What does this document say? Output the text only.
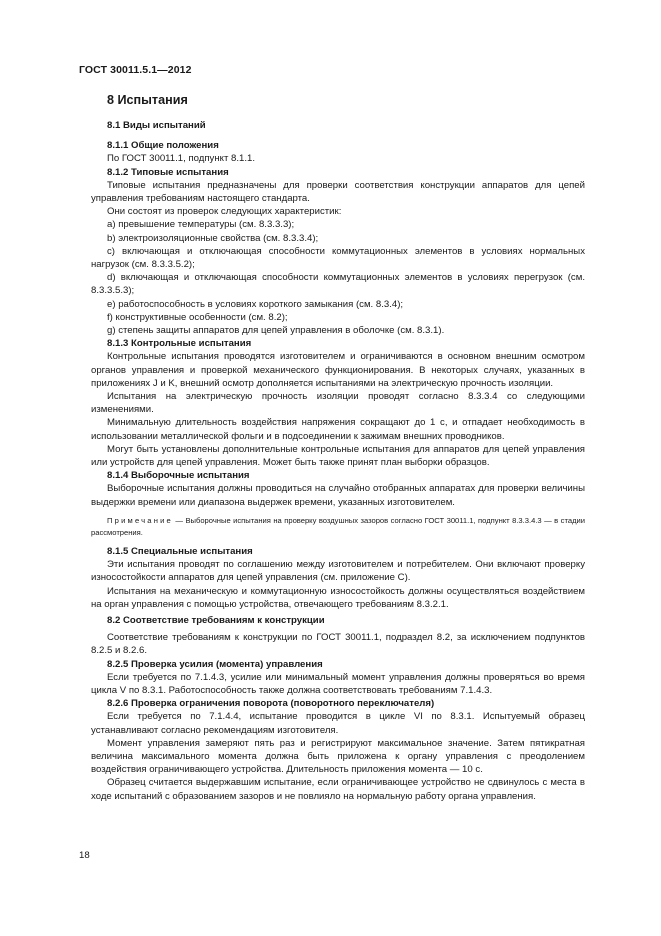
ГОСТ 30011.5.1—2012
8 Испытания
8.1 Виды испытаний
8.1.1 Общие положения

По ГОСТ 30011.1, подпункт 8.1.1.

8.1.2 Типовые испытания

Типовые испытания предназначены для проверки соответствия конструкции аппаратов для цепей управления требованиям настоящего стандарта.

Они состоят из проверок следующих характеристик:

a) превышение температуры (см. 8.3.3.3);

b) электроизоляционные свойства (см. 8.3.3.4);

c) включающая и отключающая способности коммутационных элементов в условиях нормальных нагрузок (см. 8.3.3.5.2);

d) включающая и отключающая способности коммутационных элементов в условиях перегрузок (см. 8.3.3.5.3);

e) работоспособность в условиях короткого замыкания (см. 8.3.4);

f) конструктивные особенности (см. 8.2);

g) степень защиты аппаратов для цепей управления в оболочке (см. 8.3.1).

8.1.3 Контрольные испытания

Контрольные испытания проводятся изготовителем и ограничиваются в основном внешним осмотром органов управления и проверкой механического функционирования. В некоторых случаях, указанных в приложениях J и K, внешний осмотр дополняется испытаниями на электрическую прочность изоляции.

Испытания на электрическую прочность изоляции проводят согласно 8.3.3.4 со следующими изменениями.

Минимальную длительность воздействия напряжения сокращают до 1 с, и отпадает необходимость в использовании металлической фольги и в подсоединении к зажимам внешних проводников.

Могут быть установлены дополнительные контрольные испытания для аппаратов для цепей управления или устройств для цепей управления. Может быть также принят план выборки образцов.

8.1.4 Выборочные испытания

Выборочные испытания должны проводиться на случайно отобранных аппаратах для проверки величины выдержки времени или диапазона выдержек времени, указанных изготовителем.

Примечание — Выборочные испытания на проверку воздушных зазоров согласно ГОСТ 30011.1, подпункт 8.3.3.4.3 — в стадии рассмотрения.

8.1.5 Специальные испытания

Эти испытания проводят по соглашению между изготовителем и потребителем. Они включают проверку износостойкости аппаратов для цепей управления (см. приложение C).

Испытания на механическую и коммутационную износостойкость должны осуществляться воздействием на орган управления с помощью устройства, отвечающего требованиям 8.3.2.1.

8.2 Соответствие требованиям к конструкции

Соответствие требованиям к конструкции по ГОСТ 30011.1, подраздел 8.2, за исключением подпунктов 8.2.5 и 8.2.6.

8.2.5 Проверка усилия (момента) управления

Если требуется по 7.1.4.3, усилие или минимальный момент управления должны проверяться во время цикла V по 8.3.1. Работоспособность также должна соответствовать требованиям 7.1.4.3.

8.2.6 Проверка ограничения поворота (поворотного переключателя)

Если требуется по 7.1.4.4, испытание проводится в цикле VI по 8.3.1. Испытуемый образец устанавливают согласно рекомендациям изготовителя.

Момент управления замеряют пять раз и регистрируют максимальное значение. Затем пятикратная величина максимального момента должна быть приложена к органу управления с преодолением воздействия ограничивающего устройства. Длительность приложения момента — 10 с.

Образец считается выдержавшим испытание, если ограничивающее устройство не сдвинулось с места в ходе испытаний с образованием зазоров и не повлияло на нормальную работу органа управления.

18
